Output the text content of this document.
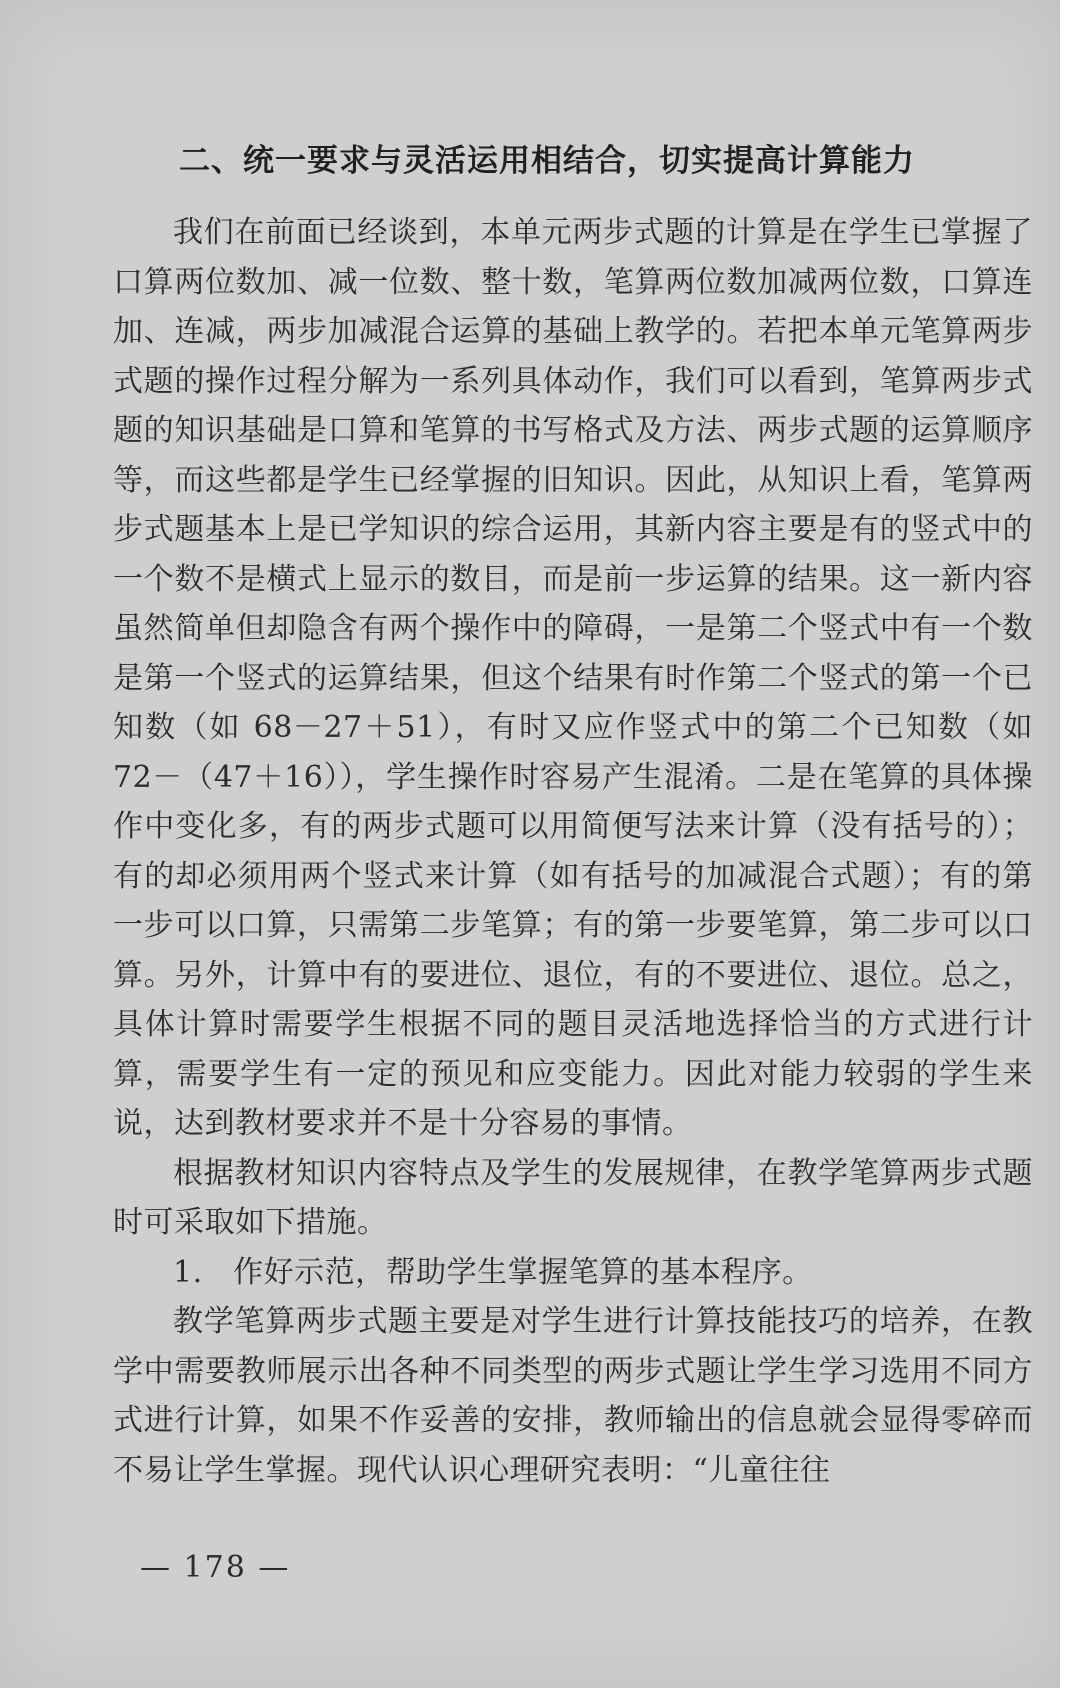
二、统一要求与灵活运用相结合，切实提高计算能力

我们在前面已经谈到，本单元两步式题的计算是在学生已掌握了口算两位数加、减一位数、整十数，笔算两位数加减两位数，口算连加、连减，两步加减混合运算的基础上教学的。若把本单元笔算两步式题的操作过程分解为一系列具体动作，我们可以看到，笔算两步式题的知识基础是口算和笔算的书写格式及方法、两步式题的运算顺序等，而这些都是学生已经掌握的旧知识。因此，从知识上看，笔算两步式题基本上是已学知识的综合运用，其新内容主要是有的竖式中的一个数不是横式上显示的数目，而是前一步运算的结果。这一新内容虽然简单但却隐含有两个操作中的障碍，一是第二个竖式中有一个数是第一个竖式的运算结果，但这个结果有时作第二个竖式的第一个已知数（如 68－27＋51），有时又应作竖式中的第二个已知数（如 72－（47＋16）），学生操作时容易产生混淆。二是在笔算的具体操作中变化多，有的两步式题可以用简便写法来计算（没有括号的）；有的却必须用两个竖式来计算（如有括号的加减混合式题）；有的第一步可以口算，只需第二步笔算；有的第一步要笔算，第二步可以口算。另外，计算中有的要进位、退位，有的不要进位、退位。总之，具体计算时需要学生根据不同的题目灵活地选择恰当的方式进行计算，需要学生有一定的预见和应变能力。因此对能力较弱的学生来说，达到教材要求并不是十分容易的事情。

根据教材知识内容特点及学生的发展规律，在教学笔算两步式题时可采取如下措施。

1.　作好示范，帮助学生掌握笔算的基本程序。

教学笔算两步式题主要是对学生进行计算技能技巧的培养，在教学中需要教师展示出各种不同类型的两步式题让学生学习选用不同方式进行计算，如果不作妥善的安排，教师输出的信息就会显得零碎而不易让学生掌握。现代认识心理研究表明：“儿童往往

— 178 —
